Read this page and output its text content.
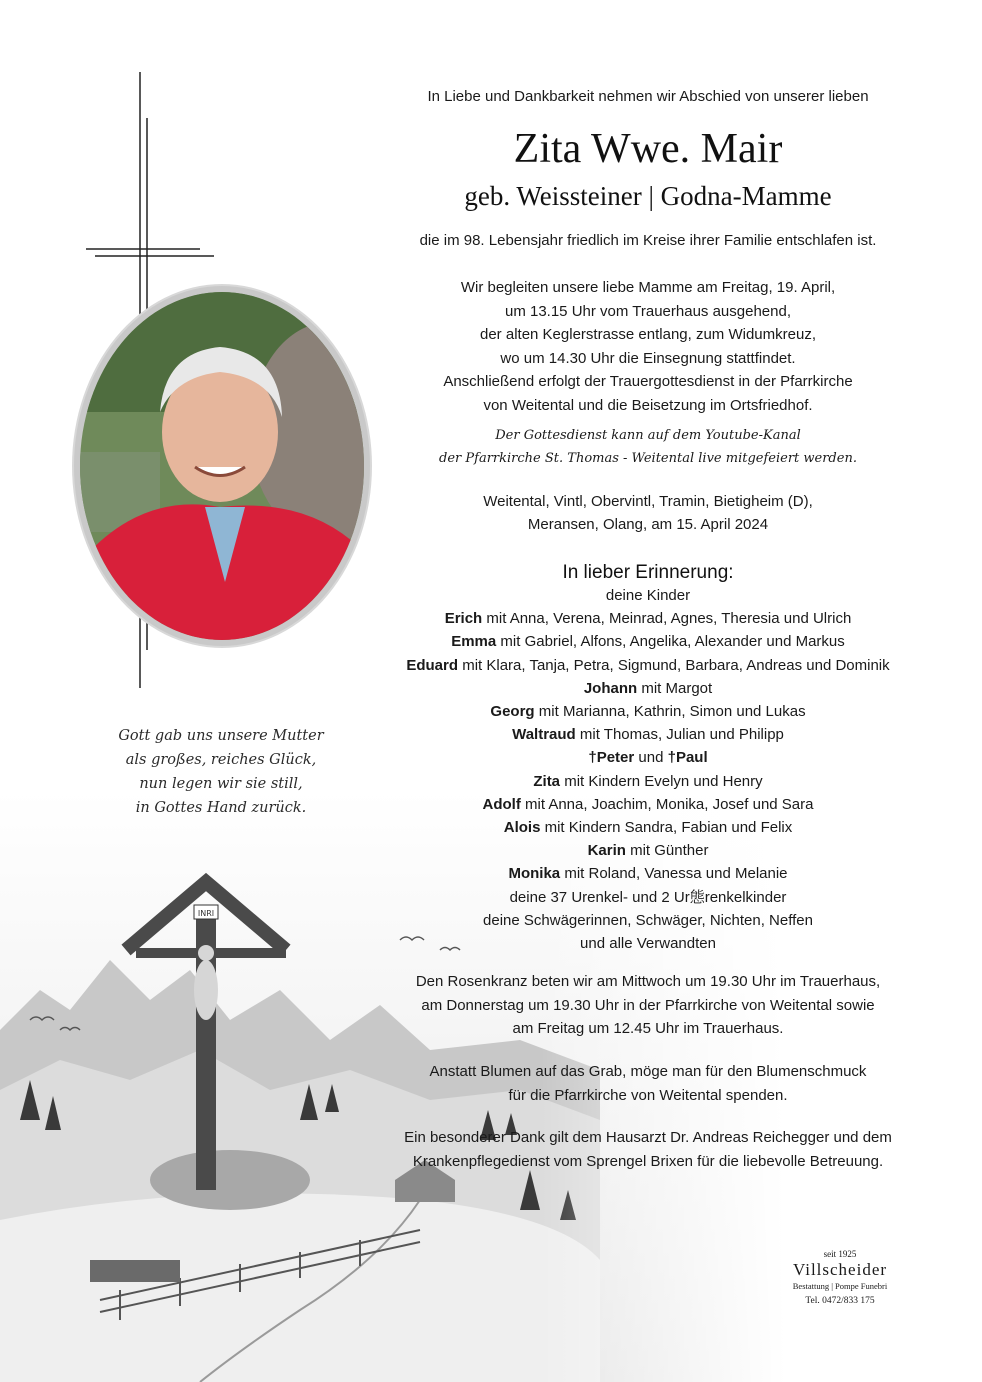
Gott gab uns unsere Mutter
als großes, reiches Glück,
nun legen wir sie still,
in Gottes Hand zurück.
In Liebe und Dankbarkeit nehmen wir Abschied von unserer lieben
Zita Wwe. Mair
geb. Weissteiner | Godna-Mamme
die im 98. Lebensjahr friedlich im Kreise ihrer Familie entschlafen ist.
Wir begleiten unsere liebe Mamme am Freitag, 19. April,
um 13.15 Uhr vom Trauerhaus ausgehend,
der alten Keglerstrasse entlang, zum Widumkreuz,
wo um 14.30 Uhr die Einsegnung stattfindet.
Anschließend erfolgt der Trauergottesdienst in der Pfarrkirche
von Weitental und die Beisetzung im Ortsfriedhof.
Der Gottesdienst kann auf dem Youtube-Kanal
der Pfarrkirche St. Thomas - Weitental live mitgefeiert werden.
Weitental, Vintl, Obervintl, Tramin, Bietigheim (D),
Meransen, Olang, am 15. April 2024
In lieber Erinnerung:
deine Kinder
Erich mit Anna, Verena, Meinrad, Agnes, Theresia und Ulrich
Emma mit Gabriel, Alfons, Angelika, Alexander und Markus
Eduard mit Klara, Tanja, Petra, Sigmund, Barbara, Andreas und Dominik
Johann mit Margot
Georg mit Marianna, Kathrin, Simon und Lukas
Waltraud mit Thomas, Julian und Philipp
†Peter und †Paul
Zita mit Kindern Evelyn und Henry
Adolf mit Anna, Joachim, Monika, Josef und Sara
Alois mit Kindern Sandra, Fabian und Felix
Karin mit Günther
Monika mit Roland, Vanessa und Melanie
deine 37 Urenkel- und 2 Ur態renkelkinder
deine Schwägerinnen, Schwäger, Nichten, Neffen
und alle Verwandten
Den Rosenkranz beten wir am Mittwoch um 19.30 Uhr im Trauerhaus,
am Donnerstag um 19.30 Uhr in der Pfarrkirche von Weitental sowie
am Freitag um 12.45 Uhr im Trauerhaus.
Anstatt Blumen auf das Grab, möge man für den Blumenschmuck
für die Pfarrkirche von Weitental spenden.
Ein besonderer Dank gilt dem Hausarzt Dr. Andreas Reichegger und dem
Krankenpflegedienst vom Sprengel Brixen für die liebevolle Betreuung.
seit 1925
Villscheider
Bestattung | Pompe Funebri
Tel. 0472/833 175
